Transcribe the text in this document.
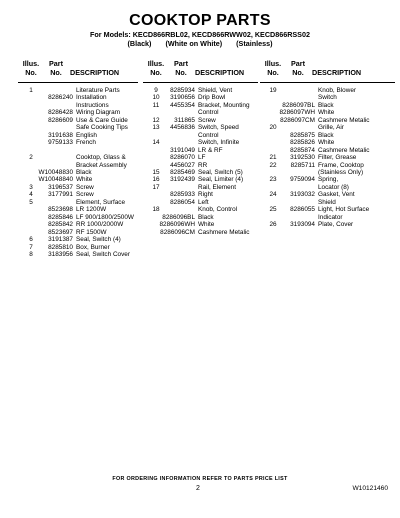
COOKTOP PARTS
For Models: KECD866RBL02, KECD866RWW02, KECD866RSS02
(Black) (White on White) (Stainless)
Illus.
No.
Part
No.	DESCRIPTION
1
	Literature Parts

8286240 Installation

Instructions

8286428 Wiring Diagram

8286609 Use & Care Guide

Safe Cooking Tips

3191638 English

9759133 French

2
	Cooktop, Glass &

Bracket Assembly

W10048830 Black

W10048840 White
3	3196537 Screw
4	3177991 Screw
5
	Element, Surface

8523698 LR 1200W

8285846 LF 900/1800/2500W

8285842 RR 1000/2000W

8523697 RF 1500W
6	3191387 Seal, Switch (4)
7	8285810 Box, Burner
8	3183956 Seal, Switch Cover
Illus.
No.
Part
No.	DESCRIPTION
9	8285934 Shield, Vent
10	3190656 Drip Bowl
11	4455354 Bracket, Mounting

Control
12	311865 Screw
13	4456836 Switch, Speed

Control
14
	Switch, Infinite

3191049 LR & RF

8286070 LF

4456027 RR
15	8285469 Seal, Switch (5)
16	3192439 Seal, Limiter (4)
17
	Rail, Element

8285933 Right

8286054 Left
18
	Knob, Control

8286096BL Black

8286096WH White

8286096CM Cashmere Metalic
Illus.
No.
Part
No.	DESCRIPTION
19
	Knob, Blower

Switch

8286097BL Black

8286097WH White

8286097CM Cashmere Metalic
20
	Grille, Air

8285875 Black

8285826 White

8285874 Cashmere Metalic
21	3192530 Filter, Grease
22	8285711 Frame, Cooktop

(Stainless Only)
23	9759094 Spring,

Locator (8)
24	3193032 Gasket, Vent

Shield
25	8286055 Light, Hot Surface

Indicator
26	3193094 Plate, Cover
FOR ORDERING INFORMATION REFER TO PARTS PRICE LIST
2	W10121460
